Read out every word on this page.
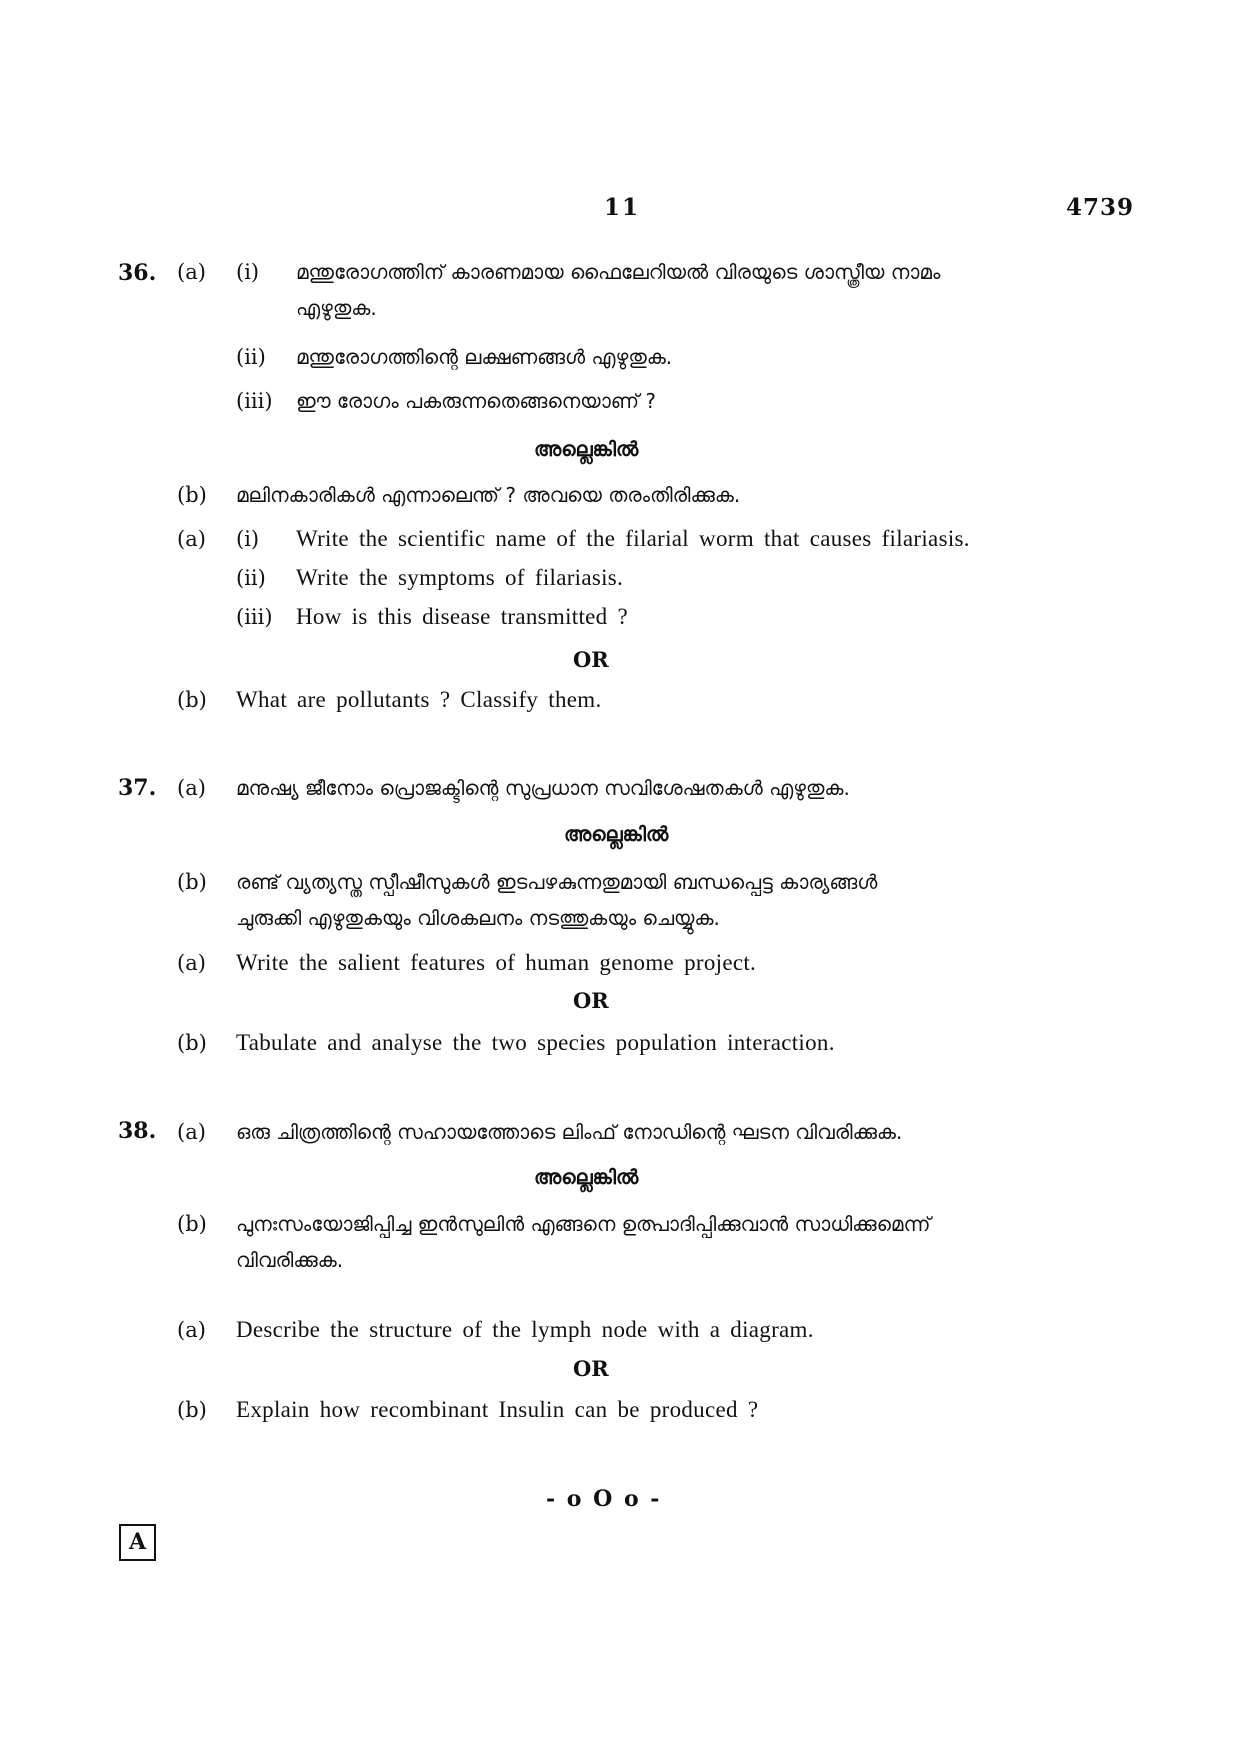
11	4739
36. (a) (i) മന്തുരോഗത്തിന് കാരണമായ ഫൈലേറിയൽ വിരയുടെ ശാസ്ത്രീയ നാമം
എഴുതുക.
(ii) മന്തുരോഗത്തിന്റെ ലക്ഷണങ്ങൾ എഴുതുക.
(iii) ഈ രോഗം പകരുന്നതെങ്ങനെയാണ് ?
അല്ലെങ്കിൽ
(b) മലിനകാരികൾ എന്നാലെന്ത് ? അവയെ തരംതിരിക്കുക.
(a) (i) Write the scientific name of the filarial worm that causes filariasis.
(ii) Write the symptoms of filariasis.
(iii) How is this disease transmitted ?
OR
(b) What are pollutants ? Classify them.
37. (a) മനുഷ്യ ജീനോം പ്രൊജക്ടിന്റെ സുപ്രധാന സവിശേഷതകൾ എഴുതുക.
അല്ലെങ്കിൽ
(b) രണ്ട് വ്യത്യസ്ത സ്പീഷീസുകൾ ഇടപഴകുന്നതുമായി ബന്ധപ്പെട്ട കാര്യങ്ങൾ
ചുരുക്കി എഴുതുകയും വിശകലനം നടത്തുകയും ചെയ്യുക.
(a) Write the salient features of human genome project.
OR
(b) Tabulate and analyse the two species population interaction.
38. (a) ഒരു ചിത്രത്തിന്റെ സഹായത്തോടെ ലിംഫ് നോഡിന്റെ ഘടന വിവരിക്കുക.
അല്ലെങ്കിൽ
(b) പുനഃസംയോജിപ്പിച്ച ഇൻസുലിൻ എങ്ങനെ ഉത്പാദിപ്പിക്കുവാൻ സാധിക്കുമെന്ന്
വിവരിക്കുക.
(a) Describe the structure of the lymph node with a diagram.
OR
(b) Explain how recombinant Insulin can be produced ?
- o O o -
A
